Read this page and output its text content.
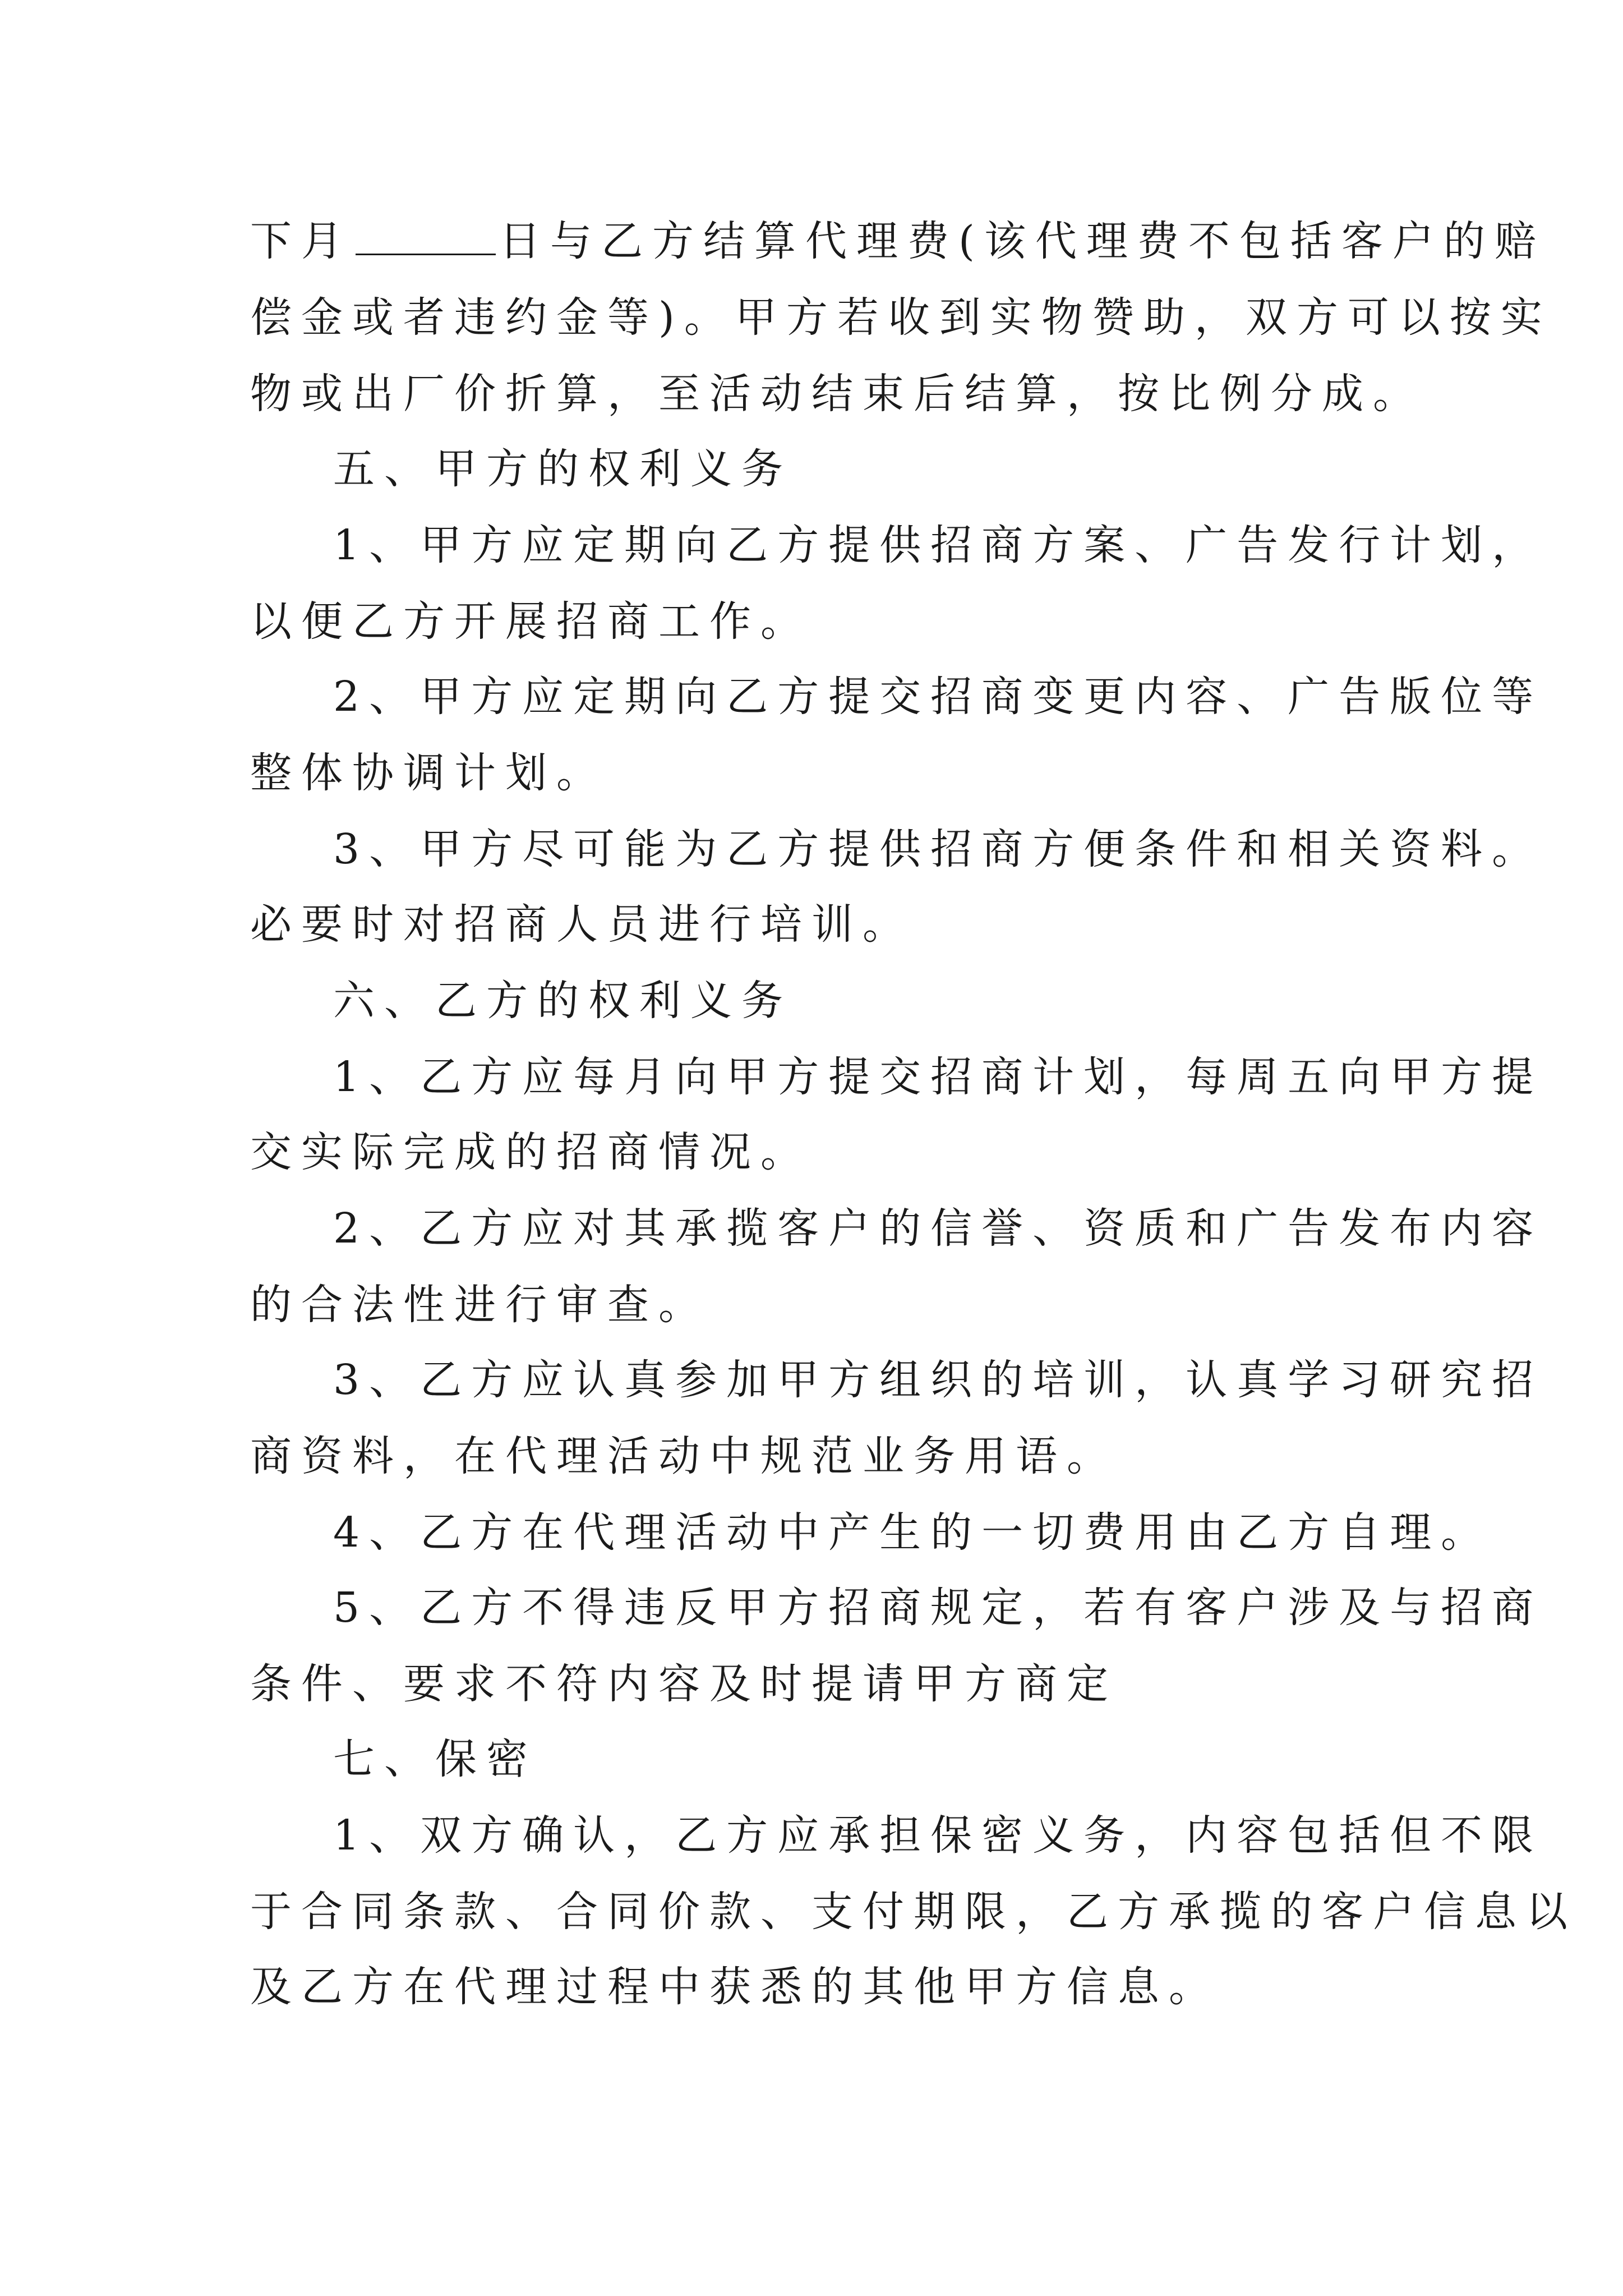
下月	日与乙方结算代理费(该代理费不包括客户的赔
偿金或者违约金等)。甲方若收到实物赞助，双方可以按实
物或出厂价折算，至活动结束后结算，按比例分成。
五、甲方的权利义务
1、甲方应定期向乙方提供招商方案、广告发行计划，
以便乙方开展招商工作。
2、甲方应定期向乙方提交招商变更内容、广告版位等
整体协调计划。
3、甲方尽可能为乙方提供招商方便条件和相关资料。
必要时对招商人员进行培训。
六、乙方的权利义务
1、乙方应每月向甲方提交招商计划，每周五向甲方提
交实际完成的招商情况。
2、乙方应对其承揽客户的信誉、资质和广告发布内容
的合法性进行审查。
3、乙方应认真参加甲方组织的培训，认真学习研究招
商资料，在代理活动中规范业务用语。
4、乙方在代理活动中产生的一切费用由乙方自理。
5、乙方不得违反甲方招商规定，若有客户涉及与招商
条件、要求不符内容及时提请甲方商定
七、保密
1、双方确认，乙方应承担保密义务，内容包括但不限
于合同条款、合同价款、支付期限，乙方承揽的客户信息以
及乙方在代理过程中获悉的其他甲方信息。
